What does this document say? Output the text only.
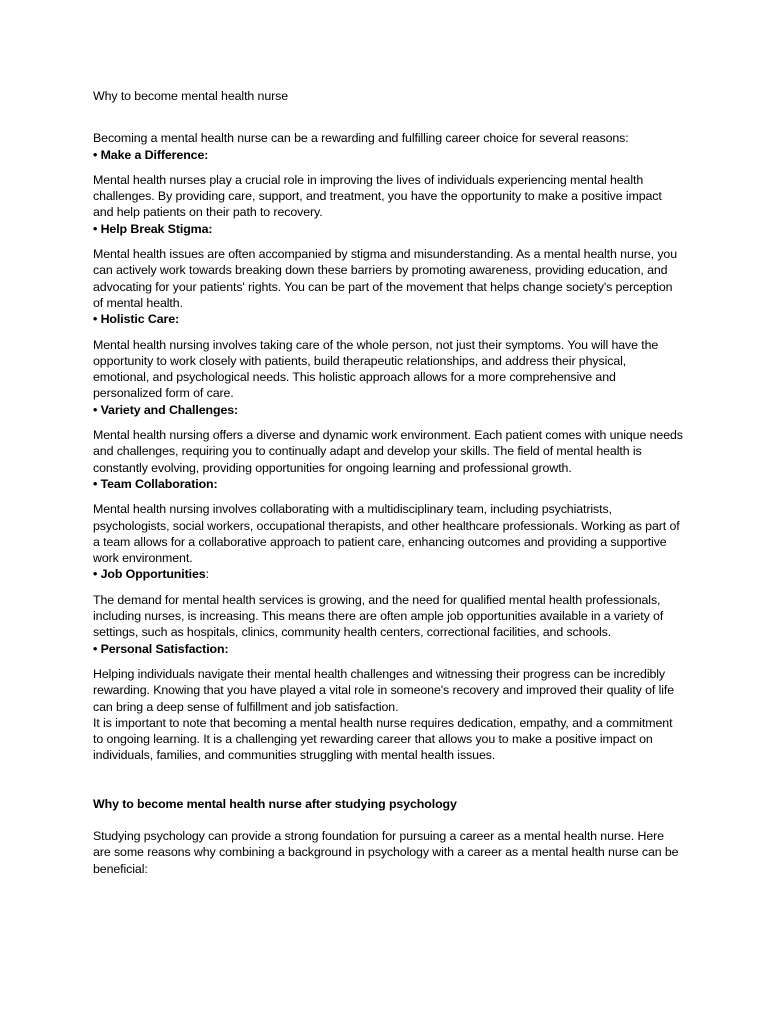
Why to become mental health nurse

Becoming a mental health nurse can be a rewarding and fulfilling career choice for several reasons:

• Make a Difference:

Mental health nurses play a crucial role in improving the lives of individuals experiencing mental health challenges. By providing care, support, and treatment, you have the opportunity to make a positive impact and help patients on their path to recovery.

• Help Break Stigma:

Mental health issues are often accompanied by stigma and misunderstanding. As a mental health nurse, you can actively work towards breaking down these barriers by promoting awareness, providing education, and advocating for your patients' rights. You can be part of the movement that helps change society's perception of mental health.

• Holistic Care:

Mental health nursing involves taking care of the whole person, not just their symptoms. You will have the opportunity to work closely with patients, build therapeutic relationships, and address their physical, emotional, and psychological needs. This holistic approach allows for a more comprehensive and personalized form of care.

• Variety and Challenges:

Mental health nursing offers a diverse and dynamic work environment. Each patient comes with unique needs and challenges, requiring you to continually adapt and develop your skills. The field of mental health is constantly evolving, providing opportunities for ongoing learning and professional growth.

• Team Collaboration:

Mental health nursing involves collaborating with a multidisciplinary team, including psychiatrists, psychologists, social workers, occupational therapists, and other healthcare professionals. Working as part of a team allows for a collaborative approach to patient care, enhancing outcomes and providing a supportive work environment.

• Job Opportunities:

The demand for mental health services is growing, and the need for qualified mental health professionals, including nurses, is increasing. This means there are often ample job opportunities available in a variety of settings, such as hospitals, clinics, community health centers, correctional facilities, and schools.

• Personal Satisfaction:

Helping individuals navigate their mental health challenges and witnessing their progress can be incredibly rewarding. Knowing that you have played a vital role in someone's recovery and improved their quality of life can bring a deep sense of fulfillment and job satisfaction.

It is important to note that becoming a mental health nurse requires dedication, empathy, and a commitment to ongoing learning. It is a challenging yet rewarding career that allows you to make a positive impact on individuals, families, and communities struggling with mental health issues.

Why to become mental health nurse after studying psychology

Studying psychology can provide a strong foundation for pursuing a career as a mental health nurse. Here are some reasons why combining a background in psychology with a career as a mental health nurse can be beneficial:
